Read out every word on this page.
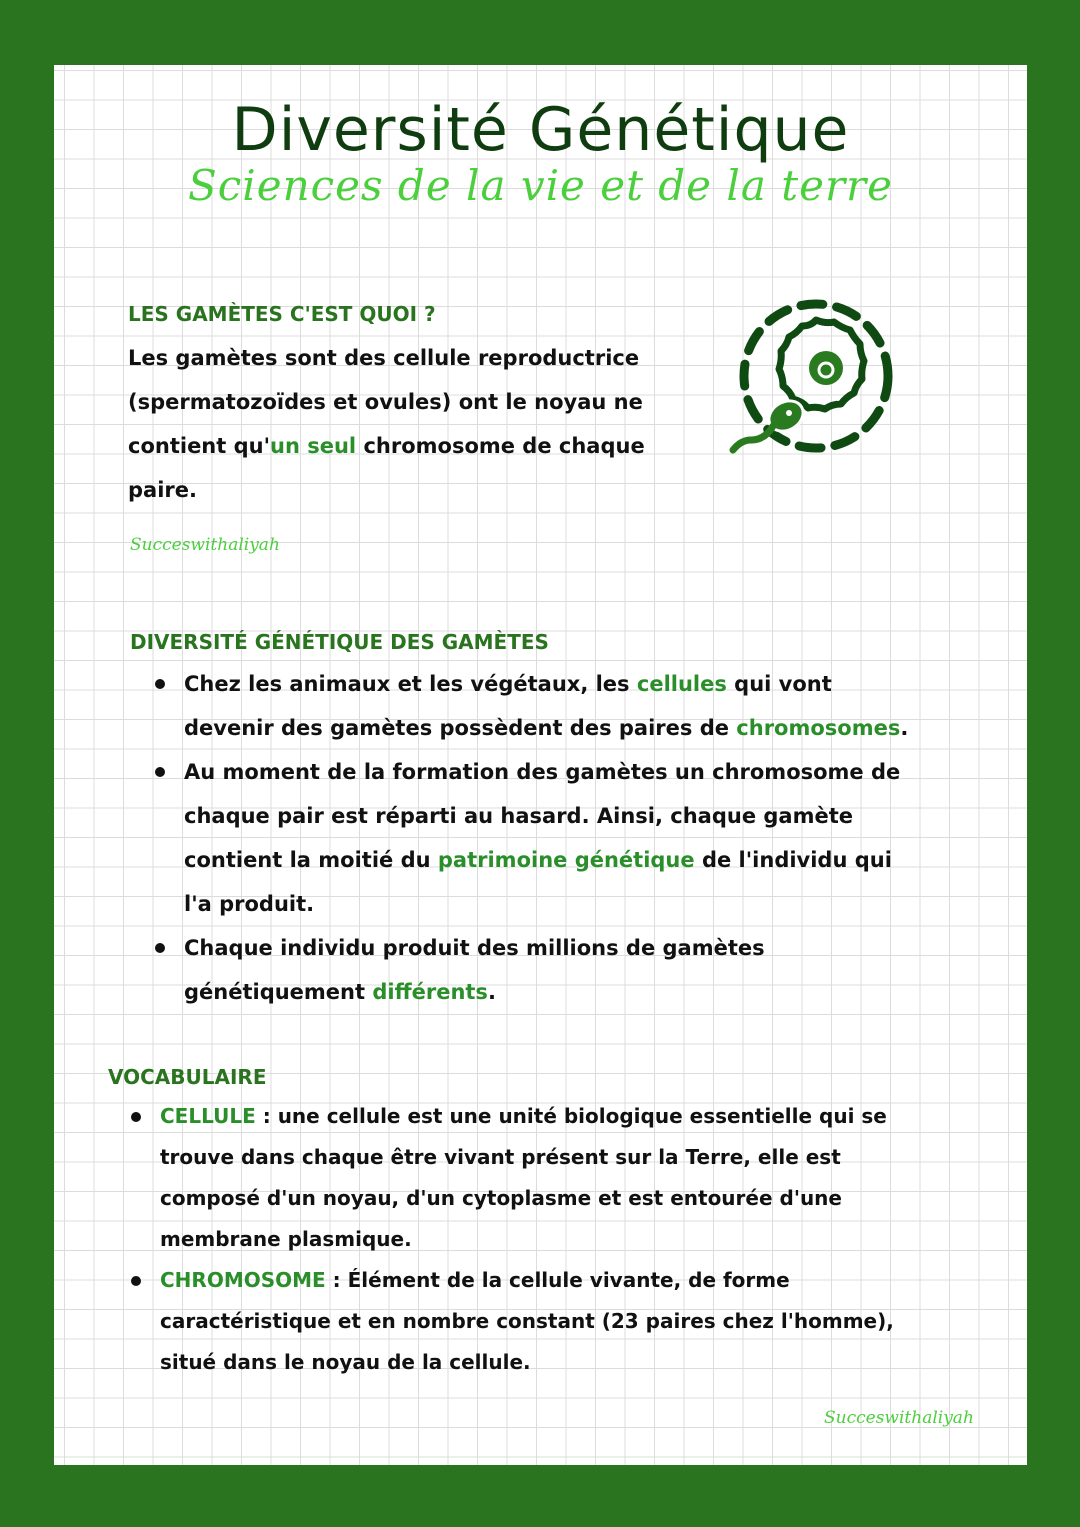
Diversité Génétique
Sciences de la vie et de la terre
LES GAMÈTES C'EST QUOI ?
Les gamètes sont des cellule reproductrice
(spermatozoïdes et ovules) ont le noyau ne
contient qu'un seul chromosome de chaque
paire.
Succeswithaliyah
DIVERSITÉ GÉNÉTIQUE DES GAMÈTES
Chez les animaux et les végétaux, les cellules qui vont
devenir des gamètes possèdent des paires de chromosomes.
Au moment de la formation des gamètes un chromosome de
chaque pair est réparti au hasard. Ainsi, chaque gamète
contient la moitié du patrimoine génétique de l'individu qui
l'a produit.
Chaque individu produit des millions de gamètes
génétiquement différents.
VOCABULAIRE
CELLULE : une cellule est une unité biologique essentielle qui se
trouve dans chaque être vivant présent sur la Terre, elle est
composé d'un noyau, d'un cytoplasme et est entourée d'une
membrane plasmique.
CHROMOSOME : Élément de la cellule vivante, de forme
caractéristique et en nombre constant (23 paires chez l'homme),
situé dans le noyau de la cellule.
Succeswithaliyah
